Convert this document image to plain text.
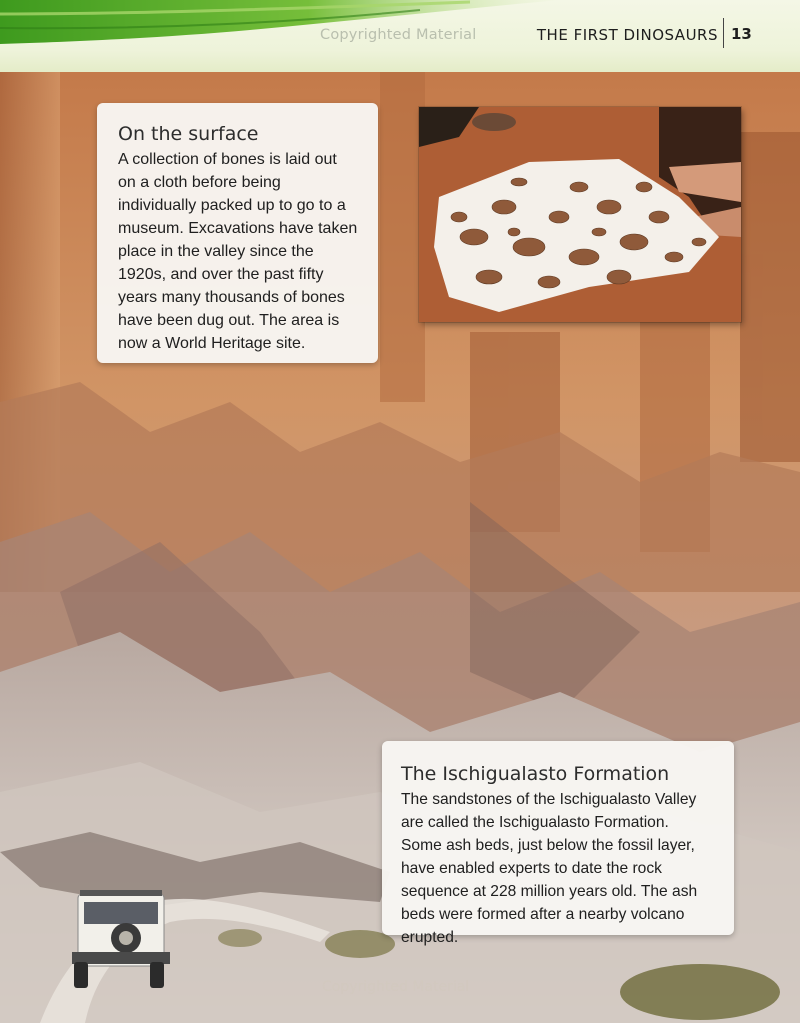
Copyrighted Material	THE FIRST DINOSAURS 13
On the surface

A collection of bones is laid out on a cloth before being individually packed up to go to a museum. Excavations have taken place in the valley since the 1920s, and over the past fifty years many thousands of bones have been dug out. The area is now a World Heritage site.

The Ischigualasto Formation

The sandstones of the Ischigualasto Valley are called the Ischigualasto Formation. Some ash beds, just below the fossil layer, have enabled experts to date the rock sequence at 228 million years old. The ash beds were formed after a nearby volcano erupted.

Copyrighted Material
